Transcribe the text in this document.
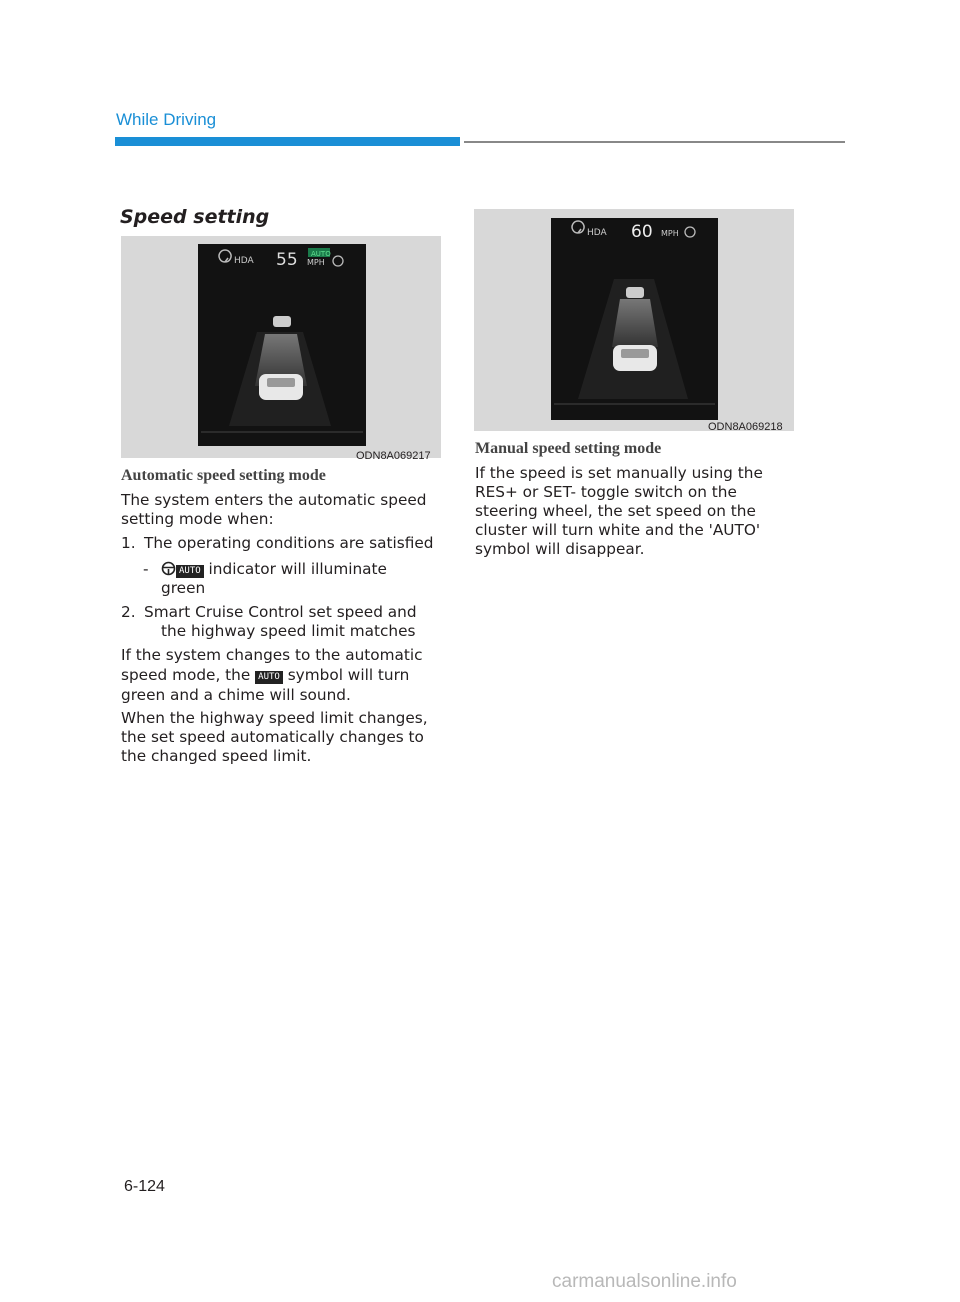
While Driving
Speed setting
HDA 55 AUTO
MPH
ODN8A069217
HDA 60 MPH
ODN8A069218
Automatic speed setting mode
The system enters the automatic speed
setting mode when:
1. The operating conditions are satisfied
-	AUTO indicator will illuminate
green
2. Smart Cruise Control set speed and
the highway speed limit matches
If the system changes to the automatic
speed mode, the AUTO symbol will turn
green and a chime will sound.
When the highway speed limit changes,
the set speed automatically changes to
the changed speed limit.
Manual speed setting mode
If the speed is set manually using the
RES+ or SET- toggle switch on the
steering wheel, the set speed on the
cluster will turn white and the 'AUTO'
symbol will disappear.
6-124
carmanualsonline.info
